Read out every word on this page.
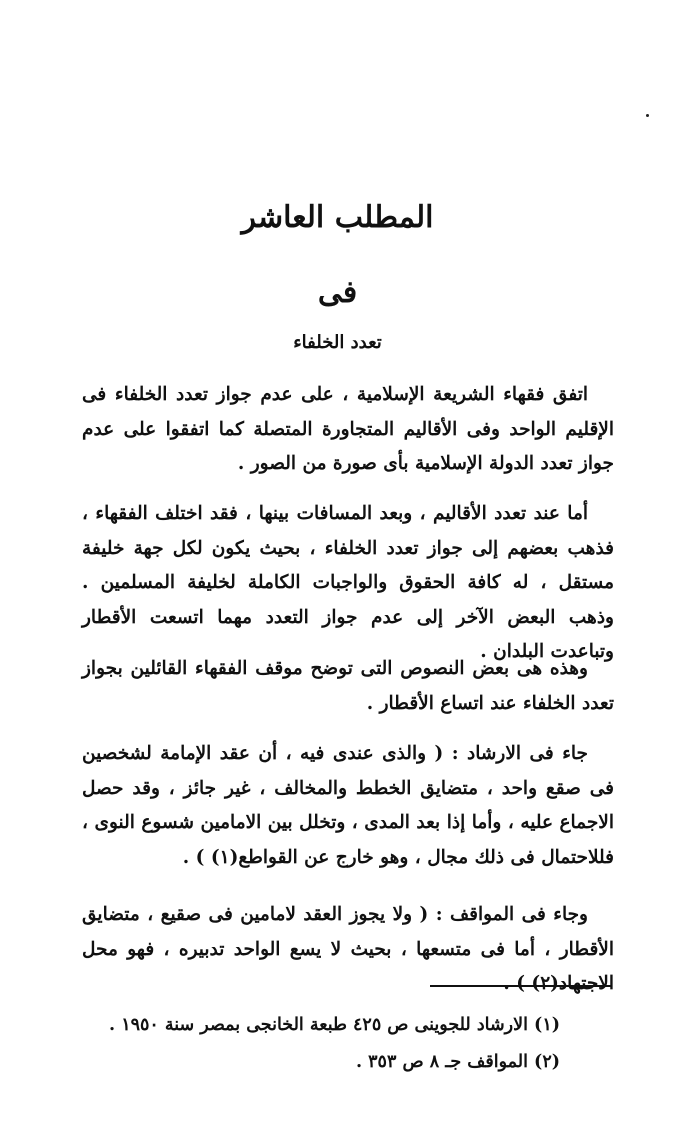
المطلب العاشر
فى
تعدد الخلفاء
اتفق فقهاء الشريعة الإسلامية ، على عدم جواز تعدد الخلفاء فى الإقليم الواحد وفى الأقاليم المتجاورة المتصلة كما اتفقوا على عدم جواز تعدد الدولة الإسلامية بأى صورة من الصور .
أما عند تعدد الأقاليم ، وبعد المسافات بينها ، فقد اختلف الفقهاء ، فذهب بعضهم إلى جواز تعدد الخلفاء ، بحيث يكون لكل جهة خليفة مستقل ، له كافة الحقوق والواجبات الكاملة لخليفة المسلمين . وذهب البعض الآخر إلى عدم جواز التعدد مهما اتسعت الأقطار وتباعدت البلدان .
وهذه هى بعض النصوص التى توضح موقف الفقهاء القائلين بجواز تعدد الخلفاء عند اتساع الأقطار .
جاء فى الارشاد : ( والذى عندى فيه ، أن عقد الإمامة لشخصين فى صقع واحد ، متضايق الخطط والمخالف ، غير جائز ، وقد حصل الاجماع عليه ، وأما إذا بعد المدى ، وتخلل بين الامامين شسوع النوى ، فللاحتمال فى ذلك مجال ، وهو خارج عن القواطع(١) ) .
وجاء فى المواقف : ( ولا يجوز العقد لامامين فى صقيع ، متضايق الأقطار ، أما فى متسعها ، بحيث لا يسع الواحد تدبيره ، فهو محل الاجتهاد(٢) ) .
(١) الارشاد للجوينى ص ٤٢٥ طبعة الخانجى بمصر سنة ١٩٥٠ .
(٢) المواقف جـ ٨ ص ٣٥٣ .
